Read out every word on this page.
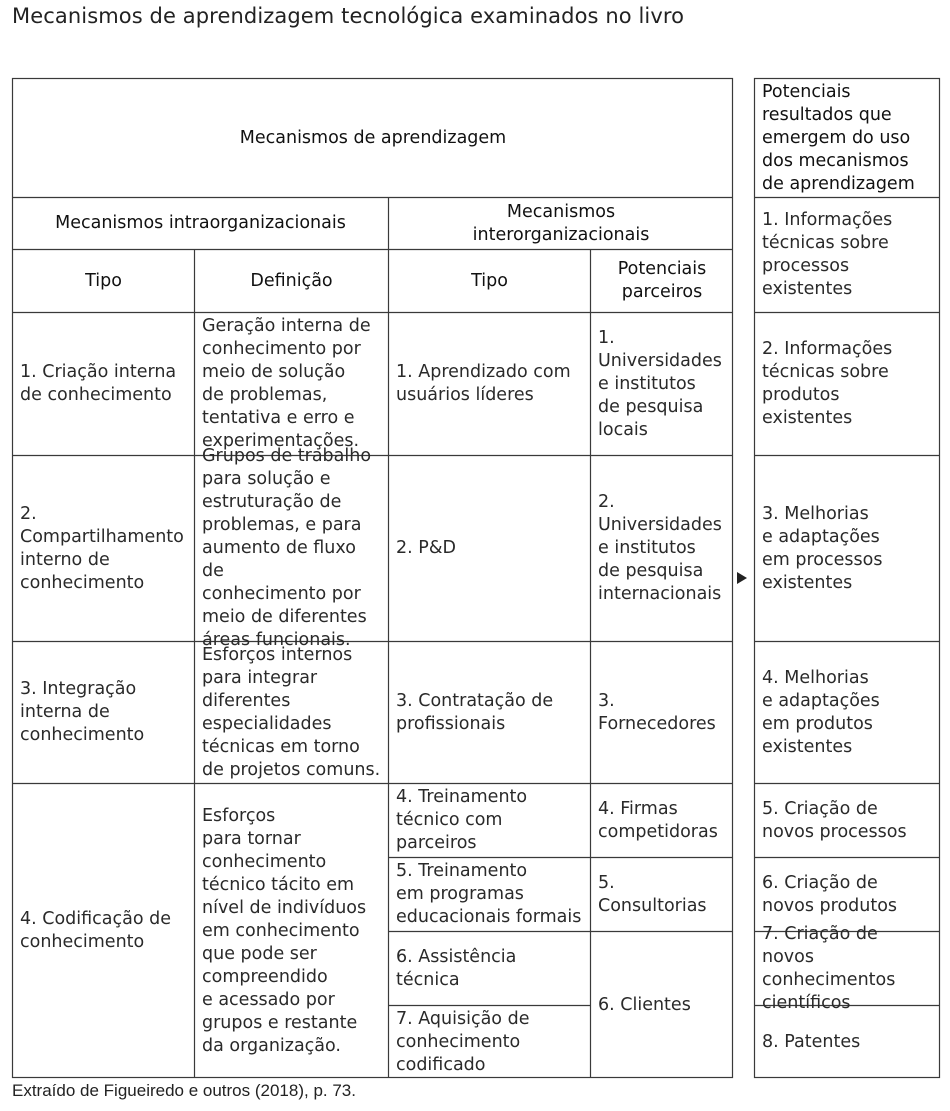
Mecanismos de aprendizagem tecnológica examinados no livro
Mecanismos de aprendizagem
Mecanismos intraorganizacionais
Mecanismos
interorganizacionais
Tipo	Definição	Tipo
Potenciais
parceiros
Potenciais
resultados que
emergem do uso
dos mecanismos
de aprendizagem
1. Criação interna
de conhecimento
Geração interna de
conhecimento por
meio de solução
de problemas,
tentativa e erro e
experimentações.
2.
Compartilhamento
interno de
conhecimento
Grupos de trabalho
para solução e
estruturação de
problemas, e para
aumento de fluxo de
conhecimento por
meio de diferentes
áreas funcionais.
3. Integração
interna de
conhecimento
Esforços internos
para integrar
diferentes
especialidades
técnicas em torno
de projetos comuns.
4. Codificação de
conhecimento
Esforços
para tornar
conhecimento
técnico tácito em
nível de indivíduos
em conhecimento
que pode ser
compreendido
e acessado por
grupos e restante
da organização.
1. Aprendizado com
usuários líderes
2. P&D
3. Contratação de
profissionais
4. Treinamento
técnico com
parceiros
5. Treinamento
em programas
educacionais formais
6. Assistência
técnica
7. Aquisição de
conhecimento
codificado
1.
Universidades
e institutos
de pesquisa
locais
2.
Universidades
e institutos
de pesquisa
internacionais
3.
Fornecedores
4. Firmas
competidoras
5.
Consultorias
6. Clientes
1. Informações
técnicas sobre
processos
existentes
2. Informações
técnicas sobre
produtos
existentes
3. Melhorias
e adaptações
em processos
existentes
4. Melhorias
e adaptações
em produtos
existentes
5. Criação de
novos processos
6. Criação de
novos produtos
7. Criação de novos
conhecimentos
científicos
8. Patentes
Extraído de Figueiredo e outros (2018), p. 73.
